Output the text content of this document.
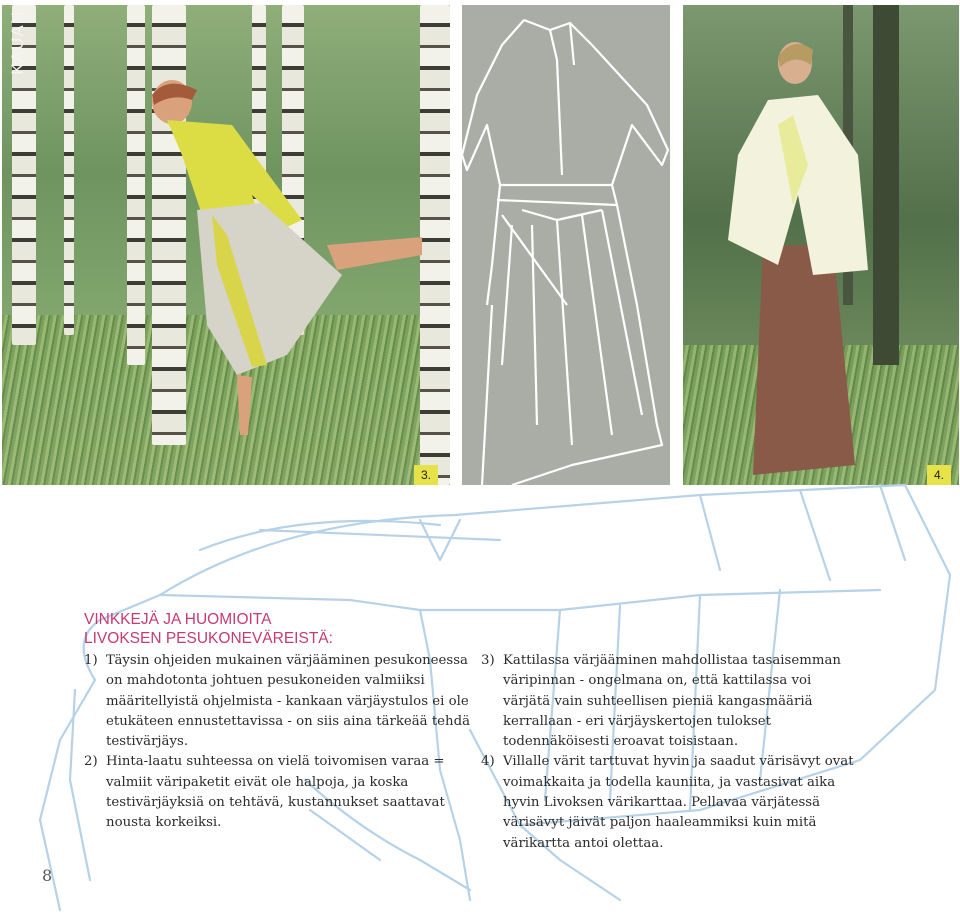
3.
KAUAN
4.
VINKKEJÄ JA HUOMIOITA
LIVOKSEN PESUKONEVÄREISTÄ:
1) Täysin ohjeiden mukainen värjääminen pesukoneessa on mahdotonta johtuen pesukoneiden valmiiksi määritellyistä ohjelmista - kankaan värjäystulos ei ole etukäteen ennustettavissa - on siis aina tärkeää tehdä testivärjäys.
2) Hinta-laatu suhteessa on vielä toivomisen varaa = valmiit väripaketit eivät ole halpoja, ja koska testivärjäyksiä on tehtävä, kustannukset saattavat nousta korkeiksi.
3) Kattilassa värjääminen mahdollistaa tasaisemman väripinnan - ongelmana on, että kattilassa voi värjätä vain suhteellisen pieniä kangasmääriä kerrallaan - eri värjäyskertojen tulokset todennäköisesti eroavat toisistaan.
4) Villalle värit tarttuvat hyvin ja saadut värisävyt ovat voimakkaita ja todella kauniita, ja vastasivat aika hyvin Livoksen värikarttaa. Pellavaa värjätessä värisävyt jäivät paljon haaleammiksi kuin mitä värikartta antoi olettaa.
8
